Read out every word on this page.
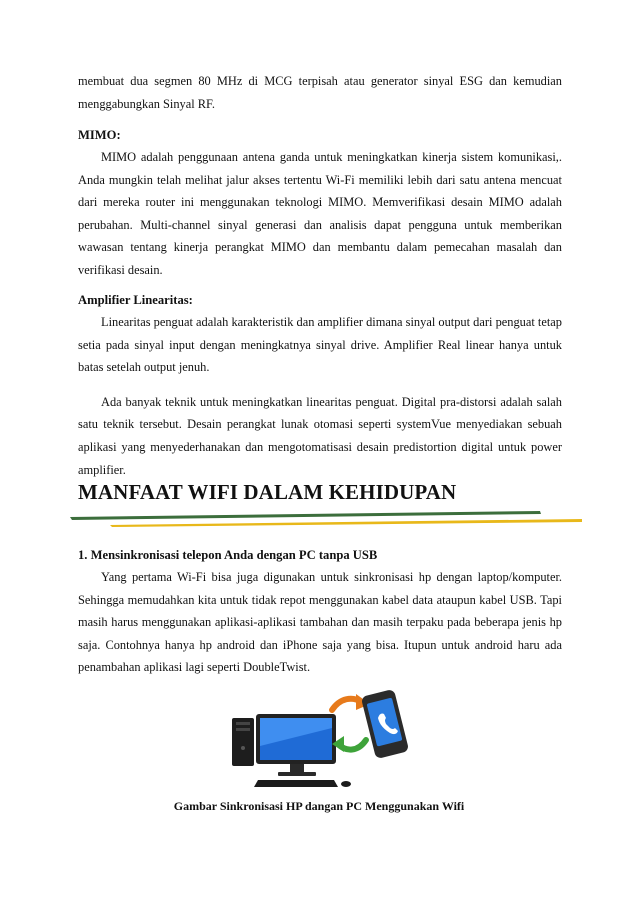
membuat dua segmen 80 MHz di MCG terpisah atau generator sinyal ESG dan kemudian menggabungkan Sinyal RF.

MIMO:

MIMO adalah penggunaan antena ganda untuk meningkatkan kinerja sistem komunikasi,. Anda mungkin telah melihat jalur akses tertentu Wi-Fi memiliki lebih dari satu antena mencuat dari mereka router ini menggunakan teknologi MIMO. Memverifikasi desain MIMO adalah perubahan. Multi-channel sinyal generasi dan analisis dapat pengguna untuk memberikan wawasan tentang kinerja perangkat MIMO dan membantu dalam pemecahan masalah dan verifikasi desain.

Amplifier Linearitas:

Linearitas penguat adalah karakteristik dan amplifier dimana sinyal output dari penguat tetap setia pada sinyal input dengan meningkatnya sinyal drive. Amplifier Real linear hanya untuk batas setelah output jenuh.

Ada banyak teknik untuk meningkatkan linearitas penguat. Digital pra-distorsi adalah salah satu teknik tersebut. Desain perangkat lunak otomasi seperti systemVue menyediakan sebuah aplikasi yang menyederhanakan dan mengotomatisasi desain predistortion digital untuk power amplifier.

MANFAAT WIFI DALAM KEHIDUPAN
1. Mensinkronisasi telepon Anda dengan PC tanpa USB

Yang pertama Wi-Fi bisa juga digunakan untuk sinkronisasi hp dengan laptop/komputer. Sehingga memudahkan kita untuk tidak repot menggunakan kabel data ataupun kabel USB. Tapi masih harus menggunakan aplikasi-aplikasi tambahan dan masih terpaku pada beberapa jenis hp saja. Contohnya hanya hp android dan iPhone saja yang bisa. Itupun untuk android haru ada penambahan aplikasi lagi seperti DoubleTwist.

Gambar Sinkronisasi HP dangan PC Menggunakan Wifi
